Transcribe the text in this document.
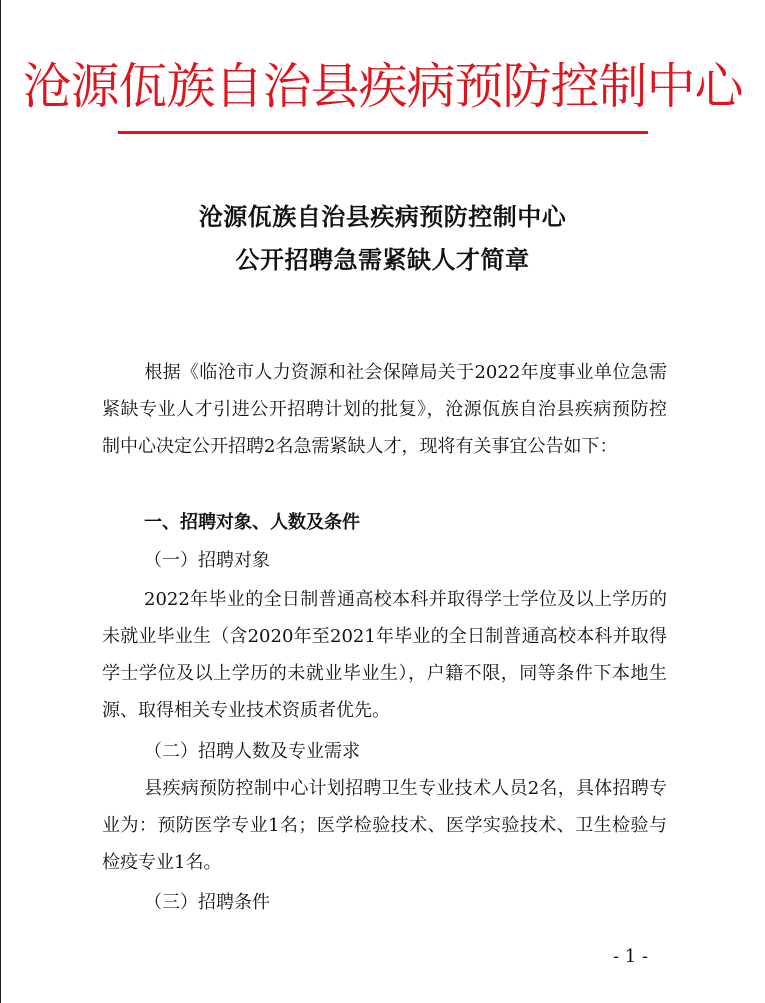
沧源佤族自治县疾病预防控制中心
沧源佤族自治县疾病预防控制中心
公开招聘急需紧缺人才简章
根据《临沧市人力资源和社会保障局关于2022年度事业单位急需紧缺专业人才引进公开招聘计划的批复》，沧源佤族自治县疾病预防控制中心决定公开招聘2名急需紧缺人才，现将有关事宜公告如下：
一、招聘对象、人数及条件
（一）招聘对象
2022年毕业的全日制普通高校本科并取得学士学位及以上学历的未就业毕业生（含2020年至2021年毕业的全日制普通高校本科并取得学士学位及以上学历的未就业毕业生），户籍不限，同等条件下本地生源、取得相关专业技术资质者优先。
（二）招聘人数及专业需求
县疾病预防控制中心计划招聘卫生专业技术人员2名，具体招聘专业为：预防医学专业1名；医学检验技术、医学实验技术、卫生检验与检疫专业1名。
（三）招聘条件
- 1 -
